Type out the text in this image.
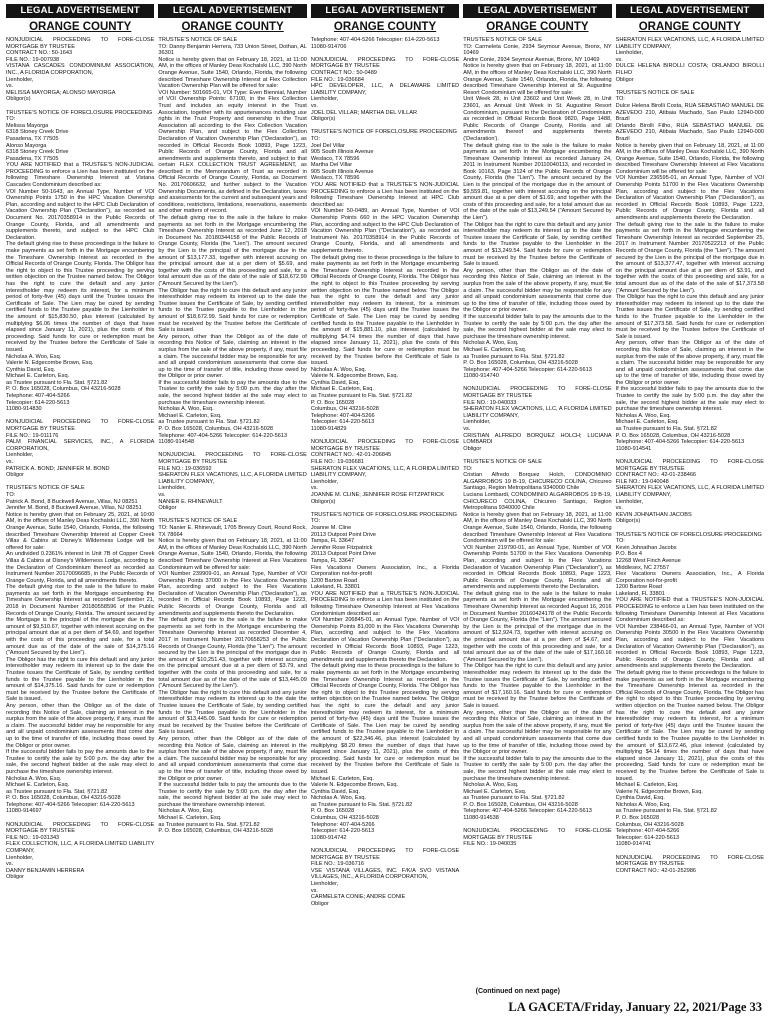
LEGAL ADVERTISEMENT
ORANGE COUNTY
NONJUDICIAL PROCEEDING TO FORE-CLOSE MORTGAGE BY TRUSTEE
CONTRACT NO.: 50-1643
FILE NO.: 19-007938
VISTANA CASCADES CONDOMINIUM ASSOCIATION, INC., A FLORIDA CORPORATION,
Lienholder,
vs.
MELISSA MAYORGA; ALONSO MAYORGA
Obligor(s)

TRUSTEE'S NOTICE OF FORECLOSURE PROCEEDING
TO:
Melissa Mayorga
6318 Stoney Creek Drive
Pasadena, TX 77505
Alonso Mayorga
6318 Stoney Creek Drive
Pasadena, TX 77505
YOU ARE NOTIFIED that a TRUSTEE'S NON-JUDICIAL PROCEEDING to enforce a Lien has been instituted on the following Timeshare Ownership Interest at Vistana Cascades Condominium described as:
VOI Number 50-1643, an Annual Type, Number of VOI Ownership Points 1750 in the HPC Vacation Ownership Plan, according and subject to the HPC Club Declaration of Vacation Ownership Plan ("Declaration"), as recorded as Document No. 20170358914 in the Public Records of Orange County, Florida, and all amendments and supplements thereto, and subject to the HPC Club Declaration.
The default giving rise to these proceedings is the failure to make payments as set forth in the Mortgage encumbering the Timeshare Ownership Interest as recorded in the Official Records of Orange County, Florida. The Obligor has the right to object to this Trustee proceeding by serving written objection on the Trustee named below. The Obligor has the right to cure the default and any junior interestholder may redeem its interest, for a minimum period of forty-five (45) days until the Trustee issues the Certificate of Sale. The Lien may be cured by sending certified funds to the Trustee payable to the Lienholder in the amount of $15,830.50, plus interest (calculated by multiplying $6.06 times the number of days that have elapsed since January 11, 2021), plus the costs of this proceeding. Said funds for cure or redemption must be received by the Trustee before the Certificate of Sale is issued.
Nicholas A. Woo, Esq.
Valerie N. Edgecombe Brown, Esq.
Cynthia David, Esq.
Michael E. Carleton, Esq.
as Trustee pursuant to Fla. Stat. §721.82
P. O. Box 165028, Columbus, OH 43216-5028
Telephone: 407-404-5266
Telecopier: 614-220-5613
11080-914830

NONJUDICIAL PROCEEDING TO FORE-CLOSE MORTGAGE BY TRUSTEE
FILE NO.: 19-011176
PALM FINANCIAL SERVICES, INC., A FLORIDA CORPORATION,
Lienholder,
vs.
PATRICK A. BOND; JENNIFER M. BOND
Obligor

TRUSTEE'S NOTICE OF SALE
TO:
Patrick A. Bond, 8 Buckwell Avenue, Villas, NJ 08251
Jennifer M. Bond, 8 Buckwell Avenue, Villas, NJ 08251
Notice is hereby given that on February 25, 2021, at 10:00 AM, in the offices of Manley Deas Kochalski LLC, 390 North Orange Avenue, Suite 1540, Orlando, Florida, the following described Timeshare Ownership Interest at Copper Creek Villas & Cabins at Disney's Wilderness Lodge will be offered for sale:
An undivided 0.2361% interest in Unit 7B of Copper Creek Villas & Cabins at Disney's Wilderness Lodge, according to the Declaration of Condominium thereof as recorded as Instrument Number 20170096685, in the Public Records of Orange County, Florida, and all amendments thereto.
The default giving rise to the sale is the failure to make payments as set forth in the Mortgage encumbering the Timeshare Ownership Interest as recorded September 21, 2018 in Document Number 20180558596 of the Public Records of Orange County, Florida. The amount secured by the Mortgage is the principal of the mortgage due in the amount of $9,510.67, together with interest accruing on the principal amount due at a per diem of $4.69, and together with the costs of this proceeding and sale, for a total amount due as of the date of the sale of $14,375.16 ("Amount Secured by the Lien").
The Obligor has the right to cure this default and any junior interestholder may redeem its interest up to the date the Trustee issues the Certificate of Sale, by sending certified funds to the Trustee payable to the Lienholder in the amount of $14,375.16. Said funds for cure or redemption must be received by the Trustee before the Certificate of Sale is issued.
Any person, other than the Obligor as of the date of recording this Notice of Sale, claiming an interest in the surplus from the sale of the above property, if any, must file a claim. The successful bidder may be responsible for any and all unpaid condominium assessments that come due up to the time of transfer of title, including those owed by the Obligor or prior owner.
If the successful bidder fails to pay the amounts due to the Trustee to certify the sale by 5:00 p.m. the day after the sale, the second highest bidder at the sale may elect to purchase the timeshare ownership interest.
Nicholas A. Woo, Esq.
Michael E. Carleton, Esq.
as Trustee pursuant to Fla. Stat. §721.82
P. O. Box 165028, Columbus, OH 43216-5028
Telephone: 407-404-5266 Telecopier: 614-220-5613
11080-914697

NONJUDICIAL PROCEEDING TO FORE-CLOSE MORTGAGE BY TRUSTEE
FILE NO.: 19-031343
FLEX COLLECTION, LLC, A FLORIDA LIMITED LIABILITY COMPANY,
Lienholder,
vs.
DANNY BENJAMIN HERRERA
Obligor
LEGAL ADVERTISEMENT
ORANGE COUNTY
TRUSTEE'S NOTICE OF SALE
TO: Danny Benjamin Herrera, 733 Union Street, Dothan, AL 36301
Notice is hereby given that on February 18, 2021, at 11:00 AM, in the offices of Manley Deas Kochalski LLC, 390 North Orange Avenue, Suite 1540, Orlando, Florida, the following described Timeshare Ownership Interest at Flex Collection Vacation Ownership Plan will be offered for sale:
VOI Number: 501665-01, VOI Type: Even Biennial, Number of VOI Ownership Points: 67100, in the Flex Collection Trust and includes an equity interest in the Trust Association, together with its appurtenances including use rights in the Trust Property and ownership in the Trust Association all according to the Flex Collection Vacation Ownership Plan, and subject to the Flex Collection Declaration of Vacation Ownership Plan ("Declaration"), as recorded in Official Records Book 10893, Page 1223, Public Records of Orange County, Florida and all amendments and supplements thereto, and subject to that certain FLEX COLLECTION TRUST AGREEMENT, as described in the Memorandum of Trust as recorded in Official Records of Orange County, Florida, as Document No. 20170606632, and further subject to the Vacation Ownership Documents, as defined in the Declaration, taxes and assessments for the current and subsequent years and conditions, restrictions, limitations, reservations, easements and other matters of record.
The default giving rise to the sale is the failure to make payments as set forth in the Mortgage encumbering the Timeshare Ownership Interest as recorded June 12, 2018 in Document No. 20180344158 of the Public Records of Orange County, Florida (the "Lien"). The amount secured by the Lien is the principal of the mortgage due in the amount of $13,177.33, together with interest accruing on the principal amount due at a per diem of $5.69, and together with the costs of this proceeding and sale, for a total amount due as of the date of the sale of $18,672.99 ("Amount Secured by the Lien").
The Obligor has the right to cure this default and any junior interestholder may redeem its interest up to the date the Trustee issues the Certificate of Sale, by sending certified funds to the Trustee payable to the Lienholder in the amount of $18,672.99. Said funds for cure or redemption must be received by the Trustee before the Certificate of Sale is issued.
Any person, other than the Obligor as of the date of recording this Notice of Sale, claiming an interest in the surplus from the sale of the above property, if any, must file a claim. The successful bidder may be responsible for any and all unpaid condominium assessments that come due up to the time of transfer of title, including those owed by the Obligor or prior owner.
If the successful bidder fails to pay the amounts due to the Trustee to certify the sale by 5:00 p.m. the day after the sale, the second highest bidder at the sale may elect to purchase the timeshare ownership interest.
Nicholas A. Woo, Esq.
Michael E. Carleton, Esq.
as Trustee pursuant to Fla. Stat. §721.82
P. O. Box 165028, Columbus, OH 43216-5028
Telephone: 407-404-5266 Telecopier: 614-220-5613
11080-914548

NONJUDICIAL PROCEEDING TO FORE-CLOSE MORTGAGE BY TRUSTEE
FILE NO.: 19-036592
SHERATON FLEX VACATIONS, LLC, A FLORIDA LIMITED LIABILITY COMPANY,
Lienholder,
vs.
NANIER E. RHINEVAULT
Obligor

TRUSTEE'S NOTICE OF SALE
TO: Nanier E. Rhinevault, 1705 Breezy Court, Round Rock, TX 78664
Notice is hereby given that on February 18, 2021, at 11:00 AM, in the offices of Manley Deas Kochalski LLC, 390 North Orange Avenue, Suite 1540, Orlando, Florida, the following described Timeshare Ownership Interest at Flex Vacations Condominium will be offered for sale:
VOI Number 239909-01, an Annual Type, Number of VOI Ownership Points 37000 in the Flex Vacations Ownership Plan, according and subject to the Flex Vacations Declaration of Vacation Ownership Plan ("Declaration"), as recorded in Official Records Book 10893, Page 1223, Public Records of Orange County, Florida and all amendments and supplements thereto the Declaration.
The default giving rise to the sale is the failure to make payments as set forth in the Mortgage encumbering the Timeshare Ownership Interest as recorded December 4, 2017 in Instrument Number 20170658253 of the Public Records of Orange County, Florida (the "Lien"). The amount secured by the Lien is the principal of the mortgage due in the amount of $10,251.43, together with interest accruing on the principal amount due at a per diem of $3.79, and together with the costs of this proceeding and sale, for a total amount due as of the date of the sale of $13,445.09 ("Amount Secured by the Lien").
The Obligor has the right to cure this default and any junior interestholder may redeem its interest up to the date the Trustee issues the Certificate of Sale, by sending certified funds to the Trustee payable to the Lienholder in the amount of $13,445.09. Said funds for cure or redemption must be received by the Trustee before the Certificate of Sale is issued.
Any person, other than the Obligor as of the date of recording this Notice of Sale, claiming an interest in the surplus from the sale of the above property, if any, must file a claim. The successful bidder may be responsible for any and all unpaid condominium assessments that come due up to the time of transfer of title, including those owed by the Obligor or prior owner.
If the successful bidder fails to pay the amounts due to the Trustee to certify the sale by 5:00 p.m. the day after the sale, the second highest bidder at the sale may elect to purchase the timeshare ownership interest.
Nicholas A. Woo, Esq.
Michael E. Carleton, Esq.
as Trustee pursuant to Fla. Stat. §721.82
P. O. Box 165028, Columbus, OH 43216-5028
LEGAL ADVERTISEMENT
ORANGE COUNTY
Telephone: 407-404-5266 Telecopier: 614-220-5613
11080-914706

NONJUDICIAL PROCEEDING TO FORE-CLOSE MORTGAGE BY TRUSTEE
CONTRACT NO.: 50-0489
FILE NO.: 19-036684
HPC DEVELOPER, LLC, A DELAWARE LIMITED LIABILITY COMPANY,
Lienholder,
vs.
JOEL DEL VILLAR; MARTHA DEL VILLAR
Obligor(s)

TRUSTEE'S NOTICE OF FORECLOSURE PROCEEDING
TO:
Joel Del Villar
905 South Illinois Avenue
Weslaco, TX 78596
Martha Del Villar
905 South Illinois Avenue
Weslaco, TX 78596
YOU ARE NOTIFIED that a TRUSTEE'S NON-JUDICIAL PROCEEDING to enforce a Lien has been instituted on the following Timeshare Ownership Interest at HPC Club described as:
VOI Number 50-0489, an Annual Type, Number of VOI Ownership Points 660 in the HPC Vacation Ownership Plan, according and subject to the HPC Club Declaration of Vacation Ownership Plan ("Declaration"), as recorded as Instrument No. 20170358914 in the Public Records of Orange County, Florida, and all amendments and supplements thereto.
The default giving rise to these proceedings is the failure to make payments as set forth in the Mortgage encumbering the Timeshare Ownership Interest as recorded in the Official Records of Orange County, Florida. The Obligor has the right to object to this Trustee proceeding by serving written objection on the Trustee named below. The Obligor has the right to cure the default and any junior interestholder may redeem its interest, for a minimum period of forty-five (45) days until the Trustee issues the Certificate of Sale. The Lien may be cured by sending certified funds to the Trustee payable to the Lienholder in the amount of $15,881.10, plus interest (calculated by multiplying $4.74 times the number of days that have elapsed since January 11, 2021), plus the costs of this proceeding. Said funds for cure or redemption must be received by the Trustee before the Certificate of Sale is issued.
Nicholas A. Woo, Esq.
Valerie N. Edgecombe Brown, Esq.
Cynthia David, Esq.
Michael E. Carleton, Esq.
as Trustee pursuant to Fla. Stat. §721.82
P. O. Box 165028
Columbus, OH 43216-5028
Telephone: 407-404-5266
Telecopier: 614-220-5613
11080-914829

NONJUDICIAL PROCEEDING TO FORE-CLOSE MORTGAGE BY TRUSTEE
CONTRACT NO.: 42-01-206845
FILE NO.: 19-036681
SHERATON FLEX VACATIONS, LLC, A FLORIDA LIMITED LIABILITY COMPANY,
Lienholder,
vs.
JOANNE M. CLINE; JENNIFER ROSE FITZPATRICK
Obligor(s)

TRUSTEE'S NOTICE OF FORECLOSURE PROCEEDING
TO:
Joanne M. Cline
20113 Outpost Point Drive
Tampa, FL 33647
Jennifer Rose Fitzpatrick
20113 Outpost Point Drive
Tampa, FL 33647
Flex Vacations Owners Association, Inc., a Florida Corporation not-for-profit
1200 Bartow Road
Lakeland, FL 33801
YOU ARE NOTIFIED that a TRUSTEE'S NON-JUDICIAL PROCEEDING to enforce a Lien has been instituted on the following Timeshare Ownership Interest at Flex Vacations Condominium described as:
VOI Number 206845-01, an Annual Type, Number of VOI Ownership Points 81,000 in the Flex Vacations Ownership Plan, according and subject to the Flex Vacations Declaration of Vacation Ownership Plan ("Declaration"), as recorded in Official Records Book 10893, Page 1223, Public Records of Orange County, Florida and all amendments and supplements thereto the Declaration.
The default giving rise to these proceedings is the failure to make payments as set forth in the Mortgage encumbering the Timeshare Ownership Interest as recorded in the Official Records of Orange County, Florida. The Obligor has the right to object to this Trustee proceeding by serving written objection on the Trustee named below. The Obligor has the right to cure the default and any junior interestholder may redeem its interest, for a minimum period of forty-five (45) days until the Trustee issues the Certificate of Sale. The Lien may be cured by sending certified funds to the Trustee payable to the Lienholder in the amount of $22,346.46, plus interest (calculated by multiplying $8.20 times the number of days that have elapsed since January 11, 2021), plus the costs of this proceeding. Said funds for cure or redemption must be received by the Trustee before the Certificate of Sale is issued.
Michael E. Carleton, Esq.
Valerie N. Edgecombe Brown, Esq.
Cynthia David, Esq.
Nicholas A. Woo, Esq.
as Trustee pursuant to Fla. Stat. §721.82
P. O. Box 165028
Columbus, OH 43216-5028
Telephone: 407-404-5266
Telecopier: 614-220-5613
11080-914742

NONJUDICIAL PROCEEDING TO FORE-CLOSE MORTGAGE BY TRUSTEE
FILE NO.: 19-036716
VSE VISTANA VILLAGES, INC. F/K/A SVO VISTANA VILLAGES, INC., A FLORIDA CORPORATION,
Lienholder,
vs.
CARMELETA CONIE; ANDRE CONIE
Obligor
LEGAL ADVERTISEMENT
ORANGE COUNTY
TRUSTEE'S NOTICE OF SALE
TO: Carmeleta Conie, 2934 Seymour Avenue, Bronx, NY 10469
Andre Conie, 2934 Seymour Avenue, Bronx, NY 10469
Notice is hereby given that on February 18, 2021, at 11:00 AM, in the offices of Manley Deas Kochalski LLC, 390 North Orange Avenue, Suite 1540, Orlando, Florida, the following described Timeshare Ownership Interest at St. Augustine Resort Condominium will be offered for sale:
Unit Week 28, in Unit 23602 and Unit Week 28, in Unit 23601, an Annual Unit Week in St. Augustine Resort Condominium, pursuant to the Declaration of Condominium as recorded in Official Records Book 9820, Page 1488, Public Records of Orange County, Florida and all amendments thereof and supplements thereto ('Declaration').
The default giving rise to the sale is the failure to make payments as set forth in the Mortgage encumbering the Timeshare Ownership Interest as recorded January 24, 2011 in Instrument Number 20110040113, and recorded in Book 10163, Page 3124 of the Public Records of Orange County, Florida (the "Lien"). The amount secured by the Lien is the principal of the mortgage due in the amount of $9,559.81, together with interest accruing on the principal amount due at a per diem of $1.69, and together with the costs of this proceeding and sale, for a total amount due as of the date of the sale of $13,249.54 ("Amount Secured by the Lien").
The Obligor has the right to cure this default and any junior interestholder may redeem its interest up to the date the Trustee issues the Certificate of Sale, by sending certified funds to the Trustee payable to the Lienholder in the amount of $13,249.54. Said funds for cure or redemption must be received by the Trustee before the Certificate of Sale is issued.
Any person, other than the Obligor as of the date of recording this Notice of Sale, claiming an interest in the surplus from the sale of the above property, if any, must file a claim. The successful bidder may be responsible for any and all unpaid condominium assessments that come due up to the time of transfer of title, including those owed by the Obligor or prior owner.
If the successful bidder fails to pay the amounts due to the Trustee to certify the sale by 5:00 p.m. the day after the sale, the second highest bidder at the sale may elect to purchase the timeshare ownership interest.
Nicholas A. Woo, Esq.
Michael E. Carleton, Esq.
as Trustee pursuant to Fla. Stat. §721.82
P. O. Box 165028, Columbus, OH 43216-5028
Telephone: 407-404-5266 Telecopier: 614-220-5613
11080-914740

NONJUDICIAL PROCEEDING TO FORE-CLOSE MORTGAGE BY TRUSTEE
FILE NO.: 19-040033
SHERATON FLEX VACATIONS, LLC, A FLORIDA LIMITED LIABILITY COMPANY,
Lienholder,
vs.
CRISTIAN ALFREDO BORQUEZ HOLCH; LUCIANA LOMBARDI
Obligor

TRUSTEE'S NOTICE OF SALE
TO:
Cristian Alfredo Borquez Holch, CONDOMINIO ALGARROBOS 19 B-19, CHICURECO COLINA, Chicureo Santiago, Region Metropolitana 9340000 Chile
Luciana Lombardi, CONDOMINIO ALGARROBOS 19 B-19, CHICURECO COLINA, Chicureo Santiago, Region Metropolitana 9340000 Chile
Notice is hereby given that on February 18, 2021, at 11:00 AM, in the offices of Manley Deas Kochalski LLC, 390 North Orange Avenue, Suite 1540, Orlando, Florida, the following described Timeshare Ownership Interest at Flex Vacations Condominium will be offered for sale:
VOI Number 219790-01, an Annual Type, Number of VOI Ownership Points 51700 in the Flex Vacations Ownership Plan, according and subject to the Flex Vacations Declaration of Vacation Ownership Plan ("Declaration"), as recorded in Official Records Book 10893, Page 1223, Public Records of Orange County, Florida and all amendments and supplements thereto the Declaration.
The default giving rise to the sale is the failure to make payments as set forth in the Mortgage encumbering the Timeshare Ownership Interest as recorded August 16, 2016 in Document Number 20160424178 of the Public Records of Orange County, Florida (the "Lien"). The amount secured by the Lien is the principal of the mortgage due in the amount of $12,924.73, together with interest accruing on the principal amount due at a per diem of $4.67, and together with the costs of this proceeding and sale, for a total amount due as of the date of the sale of $17,160.16 ("Amount Secured by the Lien").
The Obligor has the right to cure this default and any junior interestholder may redeem its interest up to the date the Trustee issues the Certificate of Sale, by sending certified funds to the Trustee payable to the Lienholder in the amount of $17,160.16. Said funds for cure or redemption must be received by the Trustee before the Certificate of Sale is issued.
Any person, other than the Obligor as of the date of recording this Notice of Sale, claiming an interest in the surplus from the sale of the above property, if any, must file a claim. The successful bidder may be responsible for any and all unpaid condominium assessments that come due up to the time of transfer of title, including those owed by the Obligor or prior owner.
If the successful bidder fails to pay the amounts due to the Trustee to certify the sale by 5:00 p.m. the day after the sale, the second highest bidder at the sale may elect to purchase the timeshare ownership interest.
Nicholas A. Woo, Esq.
Michael E. Carleton, Esq.
as Trustee pursuant to Fla. Stat. §721.82
P. O. Box 165028, Columbus, OH 43216-5028
Telephone: 407-404-5266 Telecopier: 614-220-5613
11080-914538

NONJUDICIAL PROCEEDING TO FORE-CLOSE MORTGAGE BY TRUSTEE
FILE NO.: 19-040035
LEGAL ADVERTISEMENT
ORANGE COUNTY
SHERATON FLEX VACATIONS, LLC, A FLORIDA LIMITED LIABILITY COMPANY,
Lienholder,
vs.
DULCE HELENA BIROLLI COSTA; ORLANDO BIROLLI FILHO
Obligor

TRUSTEE'S NOTICE OF SALE
TO:
Dulce Helena Birolli Costa, RUA SEBASTIAO MANUEL DE AZEVEDO 210, Atibaia Machado, Sao Paulo 12940-000 Brazil
Orlando Birolli Filho, RUA SEBASTIAO MANUEL DE AZEVEDO 210, Atibaia Machado, Sao Paulo 12940-000 Brazil
Notice is hereby given that on February 18, 2021, at 11:00 AM, in the offices of Manley Deas Kochalski LLC, 390 North Orange Avenue, Suite 1540, Orlando, Florida, the following described Timeshare Ownership Interest at Flex Vacations Condominium will be offered for sale:
VOI Number 236595-01, an Annual Type, Number of VOI Ownership Points 51700 in the Flex Vacations Ownership Plan, according and subject to the Flex Vacations Declaration of Vacation Ownership Plan ("Declaration"), as recorded in Official Records Book 10893, Page 1223, Public Records of Orange County, Florida and all amendments and supplements thereto the Declaration.
The default giving rise to the sale is the failure to make payments as set forth in the Mortgage encumbering the Timeshare Ownership Interest as recorded September 25, 2017 in Instrument Number 20170522213 of the Public Records of Orange County, Florida (the "Lien"). The amount secured by the Lien is the principal of the mortgage due in the amount of $13,377.47, together with interest accruing on the principal amount due at a per diem of $3.91, and together with the costs of this proceeding and sale, for a total amount due as of the date of the sale of $17,373.58 ("Amount Secured by the Lien").
The Obligor has the right to cure this default and any junior interestholder may redeem its interest up to the date the Trustee issues the Certificate of Sale, by sending certified funds to the Trustee payable to the Lienholder in the amount of $17,373.58. Said funds for cure or redemption must be received by the Trustee before the Certificate of Sale is issued.
Any person, other than the Obligor as of the date of recording this Notice of Sale, claiming an interest in the surplus from the sale of the above property, if any, must file a claim. The successful bidder may be responsible for any and all unpaid condominium assessments that come due up to the time of transfer of title, including those owed by the Obligor or prior owner.
If the successful bidder fails to pay the amounts due to the Trustee to certify the sale by 5:00 p.m. the day after the sale, the second highest bidder at the sale may elect to purchase the timeshare ownership interest.
Nicholas A. Woo, Esq.
Michael E. Carleton, Esq.
as Trustee pursuant to Fla. Stat. §721.82
P. O. Box 165028, Columbus, OH 43216-5028
Telephone: 407-404-5266 Telecopier: 614-220-5613
11080-914541

NONJUDICIAL PROCEEDING TO FORE-CLOSE MORTGAGE BY TRUSTEE
CONTRACT NO.: 42-01-238466
FILE NO.: 19-040048
SHERATON FLEX VACATIONS, LLC, A FLORIDA LIMITED LIABILITY COMPANY,
Lienholder,
vs.
KEVIN JOHNATHAN JACOBS
Obligor(s)

TRUSTEE'S NOTICE OF FORECLOSURE PROCEEDING
TO:
Kevin Johnathan Jacobs
P.O. Box 4
12268 West Finch Avenue
Middlesex, NC 27557
Flex Vacations Owners Association, Inc., A Florida Corporation not-for-profit
1200 Bartow Road
Lakeland, FL 33801
YOU ARE NOTIFIED that a TRUSTEE'S NON-JUDICIAL PROCEEDING to enforce a Lien has been instituted on the following Timeshare Ownership Interest at Flex Vacations Condominium described as:
VOI Number 238466-01, an Annual Type, Number of VOI Ownership Points 30500 in the Flex Vacations Ownership Plan, according and subject to the Flex Vacations Declaration of Vacation Ownership Plan ("Declaration"), as recorded in Official Records Book 10893, Page 1223, Public Records of Orange County, Florida and all amendments and supplements thereto the Declaration.
The default giving rise to these proceedings is the failure to make payments as set forth in the Mortgage encumbering the Timeshare Ownership Interest as recorded in the Official Records of Orange County, Florida. The Obligor has the right to object to this Trustee proceeding by serving written objection on the Trustee named below. The Obligor has the right to cure the default and any junior interestholder may redeem its interest, for a minimum period of forty-five (45) days until the Trustee issues the Certificate of Sale. The Lien may be cured by sending certified funds to the Trustee payable to the Lienholder in the amount of $13,672.46, plus interest (calculated by multiplying $4.14 times the number of days that have elapsed since January 11, 2021), plus the costs of this proceeding. Said funds for cure or redemption must be received by the Trustee before the Certificate of Sale is issued.
Michael E. Carleton, Esq.
Valerie N. Edgecombe Brown, Esq.
Cynthia David, Esq.
Nicholas A. Woo, Esq.
as Trustee pursuant to Fla. Stat. §721.82
P. O. Box 165028
Columbus, OH 43216-5028
Telephone: 407-404-5266
Telecopier: 614-220-5613
11080-914741

NONJUDICIAL PROCEEDING TO FORE-CLOSE MORTGAGE BY TRUSTEE
CONTRACT NO.: 42-01-252986
(Continued on next page)
LA GACETA/Friday, January 22, 2021/Page 33
